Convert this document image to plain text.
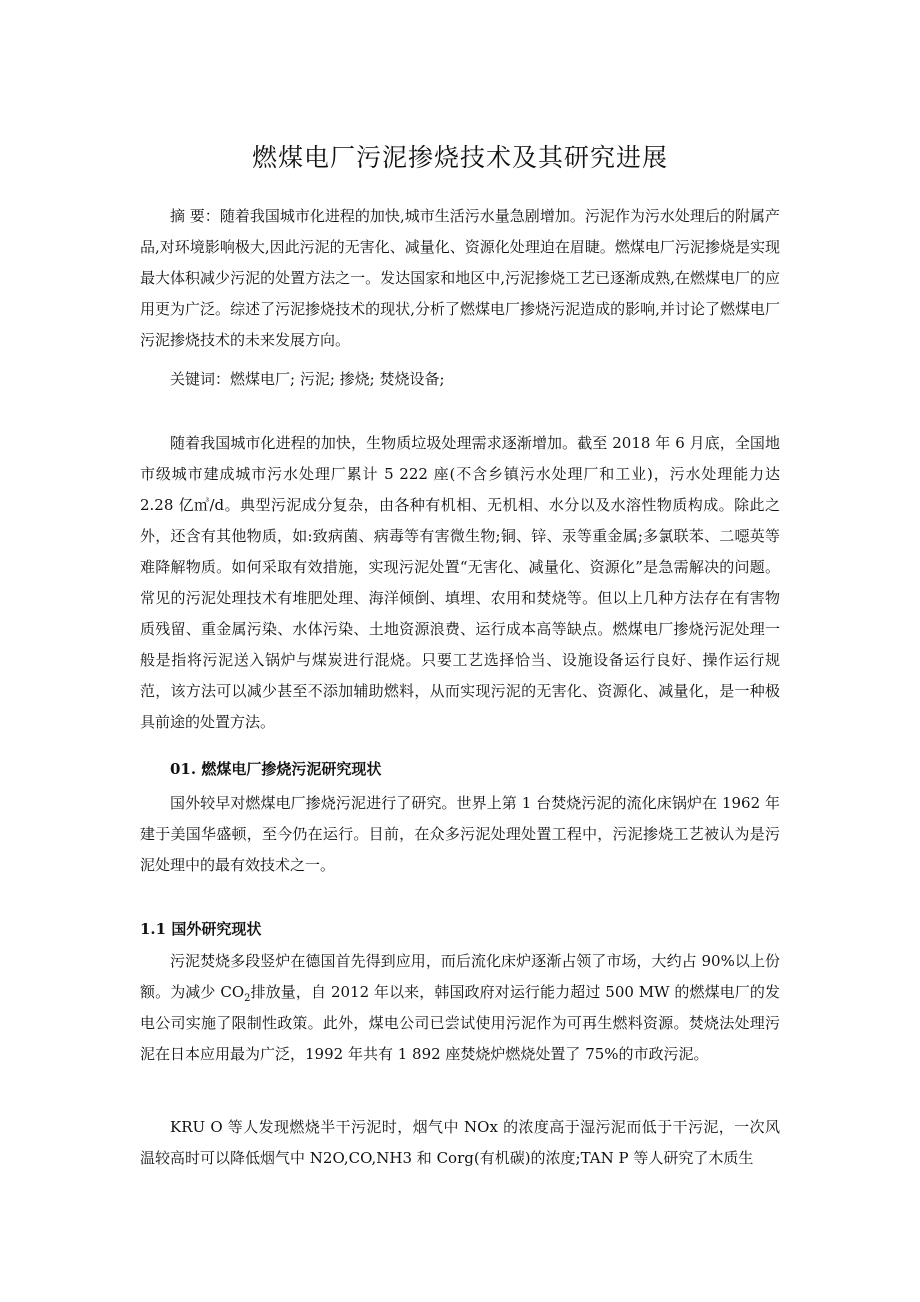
燃煤电厂污泥掺烧技术及其研究进展

摘 要：随着我国城市化进程的加快,城市生活污水量急剧增加。污泥作为污水处理后的附属产品,对环境影响极大,因此污泥的无害化、减量化、资源化处理迫在眉睫。燃煤电厂污泥掺烧是实现最大体积减少污泥的处置方法之一。发达国家和地区中,污泥掺烧工艺已逐渐成熟,在燃煤电厂的应用更为广泛。综述了污泥掺烧技术的现状,分析了燃煤电厂掺烧污泥造成的影响,并讨论了燃煤电厂污泥掺烧技术的未来发展方向。

关键词：燃煤电厂; 污泥; 掺烧; 焚烧设备;

随着我国城市化进程的加快，生物质垃圾处理需求逐渐增加。截至 2018 年 6 月底，全国地市级城市建成城市污水处理厂累计 5 222 座(不含乡镇污水处理厂和工业)，污水处理能力达 2.28 亿㎥/d。典型污泥成分复杂，由各种有机相、无机相、水分以及水溶性物质构成。除此之外，还含有其他物质，如:致病菌、病毒等有害微生物;铜、锌、汞等重金属;多氯联苯、二噁英等难降解物质。如何采取有效措施，实现污泥处置“无害化、减量化、资源化”是急需解决的问题。常见的污泥处理技术有堆肥处理、海洋倾倒、填埋、农用和焚烧等。但以上几种方法存在有害物质残留、重金属污染、水体污染、土地资源浪费、运行成本高等缺点。燃煤电厂掺烧污泥处理一般是指将污泥送入锅炉与煤炭进行混烧。只要工艺选择恰当、设施设备运行良好、操作运行规范，该方法可以减少甚至不添加辅助燃料，从而实现污泥的无害化、资源化、减量化，是一种极具前途的处置方法。

01. 燃煤电厂掺烧污泥研究现状

国外较早对燃煤电厂掺烧污泥进行了研究。世界上第 1 台焚烧污泥的流化床锅炉在 1962 年建于美国华盛顿，至今仍在运行。目前，在众多污泥处理处置工程中，污泥掺烧工艺被认为是污泥处理中的最有效技术之一。

1.1 国外研究现状

污泥焚烧多段竖炉在德国首先得到应用，而后流化床炉逐渐占领了市场，大约占 90%以上份额。为减少 $CO_2$排放量，自 2012 年以来，韩国政府对运行能力超过 500 MW 的燃煤电厂的发电公司实施了限制性政策。此外，煤电公司已尝试使用污泥作为可再生燃料资源。焚烧法处理污泥在日本应用最为广泛，1992 年共有 1 892 座焚烧炉燃烧处置了 75%的市政污泥。

KRU O 等人发现燃烧半干污泥时，烟气中 NOx 的浓度高于湿污泥而低于干污泥，一次风温较高时可以降低烟气中 N2O,CO,NH3 和 Corg(有机碳)的浓度;TAN P 等人研究了木质生
